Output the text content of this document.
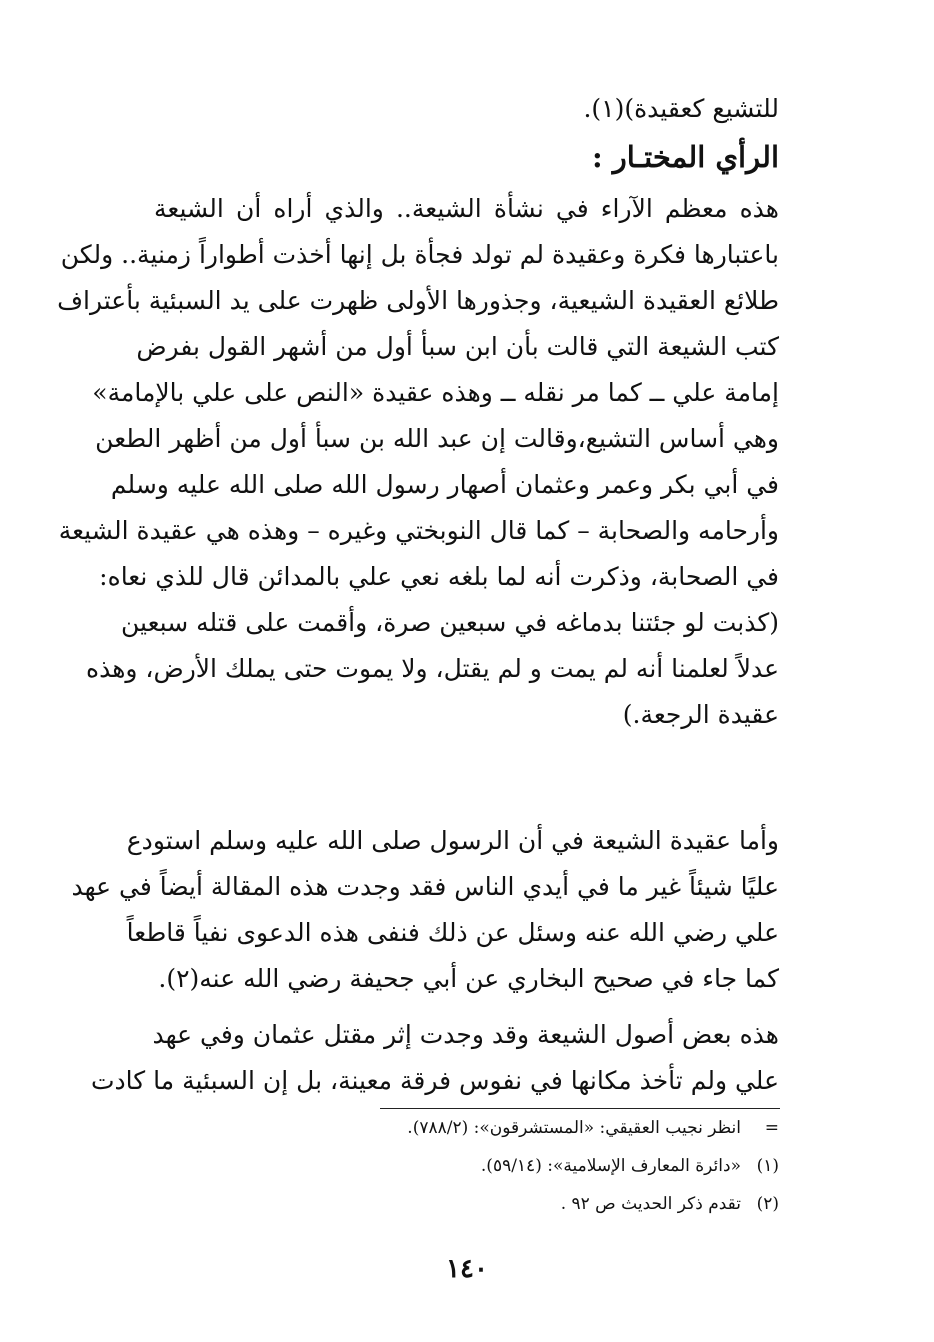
للتشيع كعقيدة)(١).
الرأي المختـار :
هذه معظم الآراء في نشأة الشيعة.. والذي أراه أن الشيعة
باعتبارها فكرة وعقيدة لم تولد فجأة بل إنها أخذت أطواراً زمنية.. ولكن
طلائع العقيدة الشيعية، وجذورها الأولى ظهرت على يد السبئية بأعتراف
كتب الشيعة التي قالت بأن ابن سبأ أول من أشهر القول بفرض
إمامة علي ــ كما مر نقله ــ وهذه عقيدة «النص على علي بالإمامة»
وهي أساس التشيع،وقالت إن عبد الله بن سبأ أول من أظهر الطعن
في أبي بكر وعمر وعثمان أصهار رسول الله صلى الله عليه وسلم
وأرحامه والصحابة – كما قال النوبختي وغيره – وهذه هي عقيدة الشيعة
في الصحابة، وذكرت أنه لما بلغه نعي علي بالمدائن قال للذي نعاه:
(كذبت لو جئتنا بدماغه في سبعين صرة، وأقمت على قتله سبعين
عدلاً لعلمنا أنه لم يمت و لم يقتل، ولا يموت حتى يملك الأرض، وهذه
عقيدة الرجعة.)
وأما عقيدة الشيعة في أن الرسول صلى الله عليه وسلم استودع
عليًا شيئاً غير ما في أيدي الناس فقد وجدت هذه المقالة أيضاً في عهد
علي رضي الله عنه وسئل عن ذلك فنفى هذه الدعوى نفياً قاطعاً
كما جاء في صحيح البخاري عن أبي جحيفة رضي الله عنه(٢).
هذه بعض أصول الشيعة وقد وجدت إثر مقتل عثمان وفي عهد
علي ولم تأخذ مكانها في نفوس فرقة معينة، بل إن السبئية ما كادت
=انظر نجيب العقيقي: «المستشرقون»: (٧٨٨/٢).
(١)«دائرة المعارف الإسلامية»: (٥٩/١٤).
(٢)تقدم ذكر الحديث ص ٩٢ .
١٤٠
